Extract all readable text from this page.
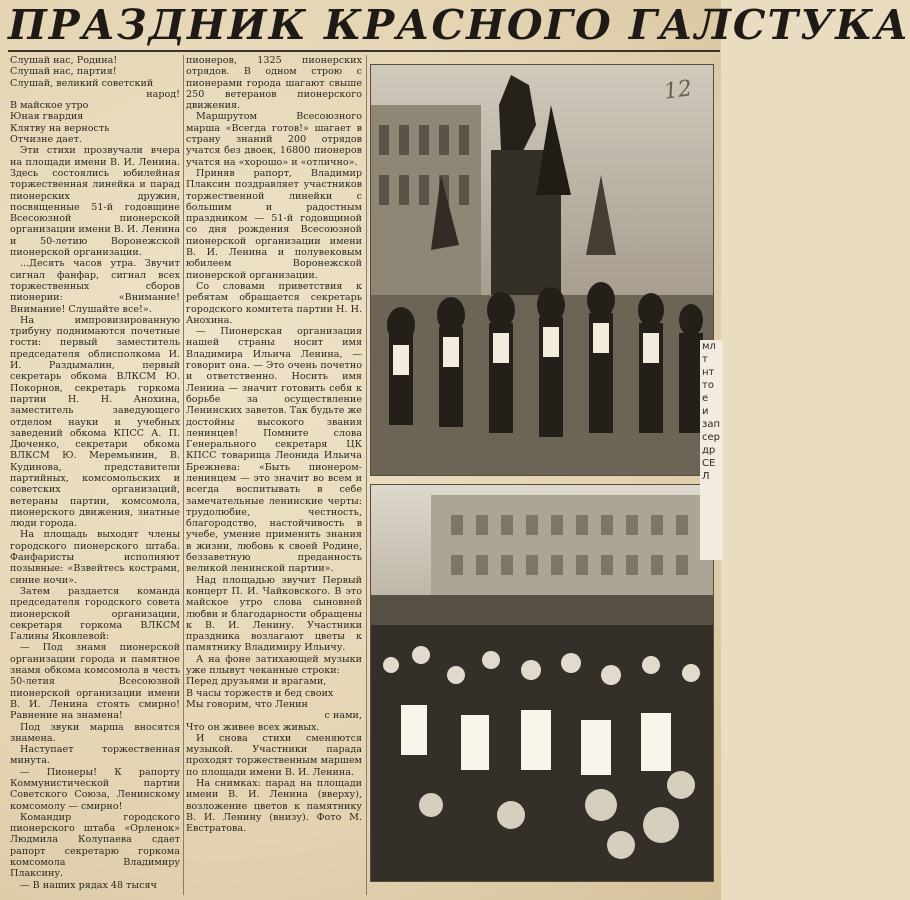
ПРАЗДНИК КРАСНОГО ГАЛСТУКА

Слушай нас, Родина!

Слушай нас, партия!

Слушай, великий советский

народ!

В майское утро

Юная гвардия

Клятву на верность

Отчизне дает.

Эти стихи прозвучали вчера на площади имени В. И. Ленина. Здесь состоялись юбилейная торжественная линейка и парад пионерских дружин, посвященные 51-й годовщине Всесоюзной пионерской организации имени В. И. Ленина и 50-летию Воронежской пионерской организации.

...Десять часов утра. Звучит сигнал фанфар, сигнал всех торжественных сборов пионерии: «Внимание! Внимание! Слушайте все!».

На импровизированную трибуну поднимаются почетные гости: первый заместитель председателя облисполкома И. И. Раздымалин, первый секретарь обкома ВЛКСМ Ю. Покорнов, секретарь горкома партии Н. Н. Анохина, заместитель заведующего отделом науки и учебных заведений обкома КПСС А. П. Дюченко, секретари обкома ВЛКСМ Ю. Меремьянин, В. Кудинова, представители партийных, комсомольских и советских организаций, ветераны партии, комсомола, пионерского движения, знатные люди города.

На площадь выходят члены городского пионерского штаба. Фанфаристы исполняют позывные: «Взвейтесь кострами, синие ночи».

Затем раздается команда председателя городского совета пионерской организации, секретаря горкома ВЛКСМ Галины Яковлевой:

— Под знамя пионерской организации города и памятное знамя обкома комсомола в честь 50-летия Всесоюзной пионерской организации имени В. И. Ленина стоять смирно! Равнение на знамена!

Под звуки марша вносятся знамена.

Наступает торжественная минута.

— Пионеры! К рапорту Коммунистической партии Советского Союза, Ленинскому комсомолу — смирно!

Командир городского пионерского штаба «Орленок» Людмила Колупаева сдает рапорт секретарю горкома комсомола Владимиру Плаксину.

— В наших рядах 48 тысяч

пионеров, 1325 пионерских отрядов. В одном строю с пионерами города шагают свыше 250 ветеранов пионерского движения.

Маршрутом Всесоюзного марша «Всегда готов!» шагает в страну знаний 200 отрядов учатся без двоек, 16800 пионеров учатся на «хорошо» и «отлично».

Приняв рапорт, Владимир Плаксин поздравляет участников торжественной линейки с большим и радостным праздником — 51-й годовщиной со дня рождения Всесоюзной пионерской организации имени В. И. Ленина и полувековым юбилеем Воронежской пионерской организации.

Со словами приветствия к ребятам обращается секретарь городского комитета партии Н. Н. Анохина.

— Пионерская организация нашей страны носит имя Владимира Ильича Ленина, — говорит она. — Это очень почетно и ответственно. Носить имя Ленина — значит готовить себя к борьбе за осуществление Ленинских заветов. Так будьте же достойны высокого звания ленинцев! Помните слова Генерального секретаря ЦК КПСС товарища Леонида Ильича Брежнева: «Быть пионером-ленинцем — это значит во всем и всегда воспитывать в себе замечательные ленинские черты: трудолюбие, честность, благородство, настойчивость в учебе, умение применять знания в жизни, любовь к своей Родине, беззаветную преданность великой ленинской партии».

Над площадью звучит Первый концерт П. И. Чайковского. В это майское утро слова сыновней любви и благодарности обращены к В. И. Ленину. Участники праздника возлагают цветы к памятнику Владимиру Ильичу.

А на фоне затихающей музыки уже плывут чеканные строки:

Перед друзьями и врагами,

В часы торжеств и бед своих

Мы говорим, что Ленин

с нами,

Что он живее всех живых.

И снова стихи сменяются музыкой. Участники парада проходят торжественным маршем по площади имени В. И. Ленина.

На снимках: парад на площади имени В. И. Ленина (вверху), возложение цветов к памятнику В. И. Ленину (внизу). Фото М. Евстратова.

12
мл
т
нт
то
е
и
зап
сер
др
СЕ
Л
